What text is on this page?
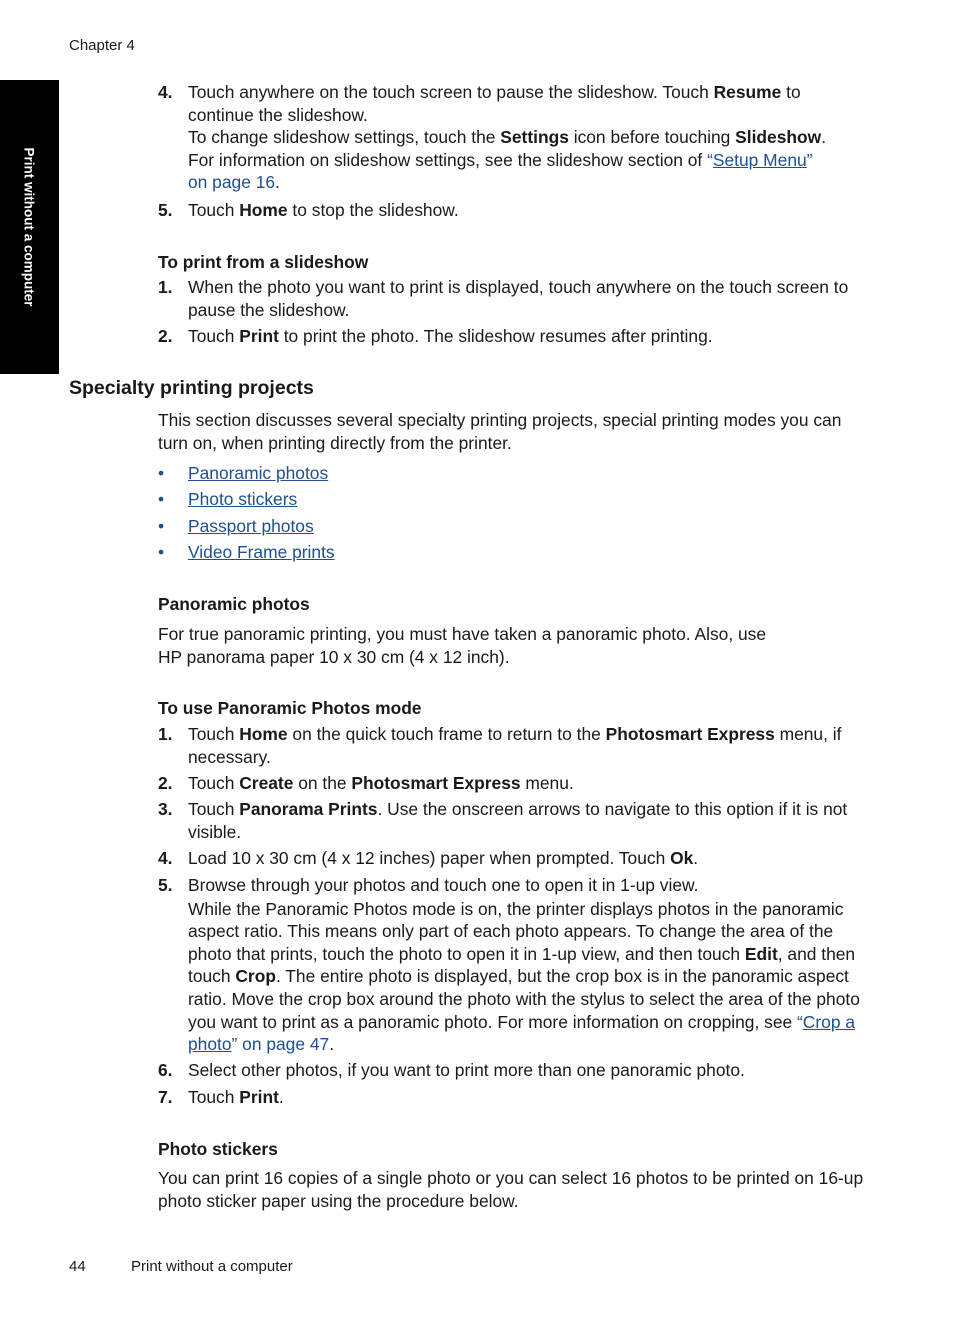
Chapter 4
Print without a computer
4. Touch anywhere on the touch screen to pause the slideshow. Touch Resume to continue the slideshow.
To change slideshow settings, touch the Settings icon before touching Slideshow.
For information on slideshow settings, see the slideshow section of “Setup Menu”
on page 16.
5. Touch Home to stop the slideshow.
To print from a slideshow
1. When the photo you want to print is displayed, touch anywhere on the touch screen to pause the slideshow.
2. Touch Print to print the photo. The slideshow resumes after printing.
Specialty printing projects
This section discusses several specialty printing projects, special printing modes you can turn on, when printing directly from the printer.
• Panoramic photos
• Photo stickers
• Passport photos
• Video Frame prints
Panoramic photos
For true panoramic printing, you must have taken a panoramic photo. Also, use
HP panorama paper 10 x 30 cm (4 x 12 inch).
To use Panoramic Photos mode
1. Touch Home on the quick touch frame to return to the Photosmart Express menu, if necessary.
2. Touch Create on the Photosmart Express menu.
3. Touch Panorama Prints. Use the onscreen arrows to navigate to this option if it is not visible.
4. Load 10 x 30 cm (4 x 12 inches) paper when prompted. Touch Ok.
5. Browse through your photos and touch one to open it in 1-up view.
While the Panoramic Photos mode is on, the printer displays photos in the panoramic aspect ratio. This means only part of each photo appears. To change the area of the photo that prints, touch the photo to open it in 1-up view, and then touch Edit, and then touch Crop. The entire photo is displayed, but the crop box is in the panoramic aspect ratio. Move the crop box around the photo with the stylus to select the area of the photo you want to print as a panoramic photo. For more information on cropping, see “Crop a photo” on page 47.
6. Select other photos, if you want to print more than one panoramic photo.
7. Touch Print.
Photo stickers
You can print 16 copies of a single photo or you can select 16 photos to be printed on 16-up photo sticker paper using the procedure below.
44	Print without a computer
